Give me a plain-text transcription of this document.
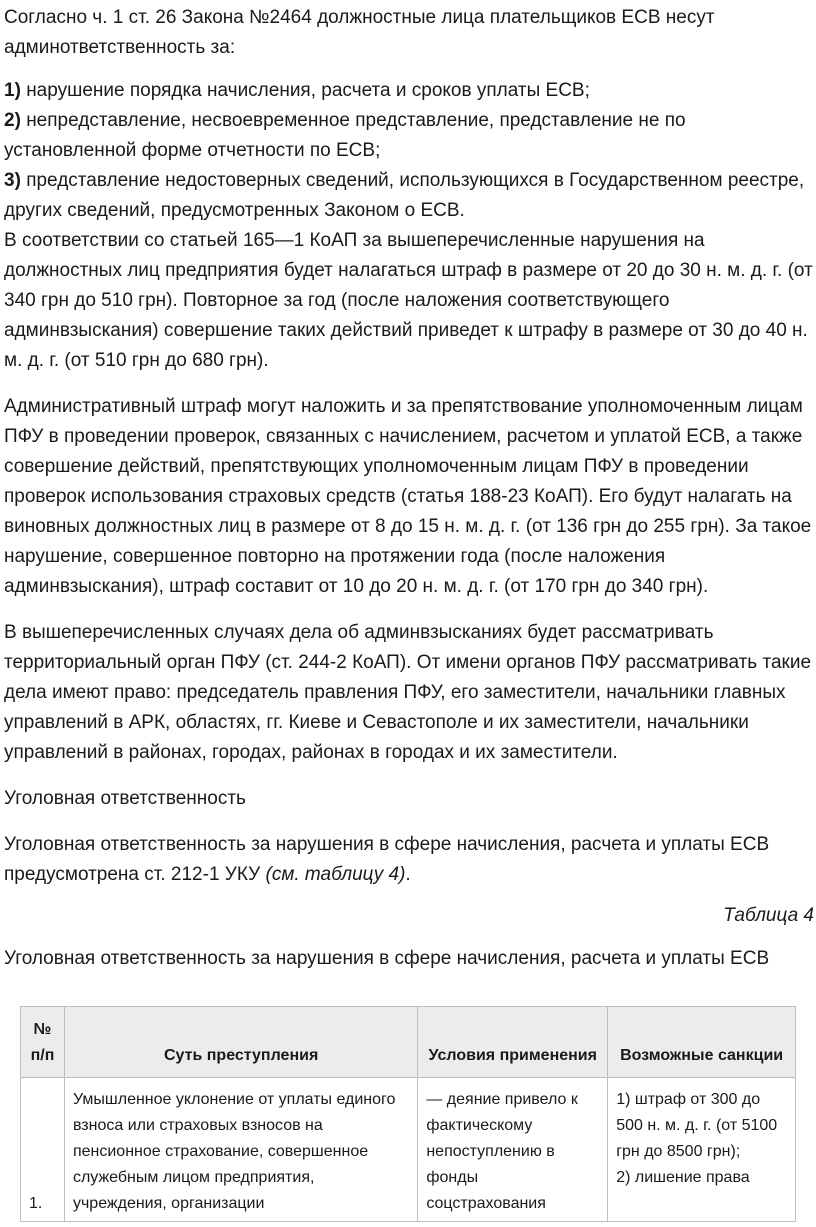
Согласно ч. 1 ст. 26 Закона №2464 должностные лица плательщиков ЕСВ несут админответственность за:

1) нарушение порядка начисления, расчета и сроков уплаты ЕСВ;

2) непредставление, несвоевременное представление, представление не по установленной форме отчетности по ЕСВ;

3) представление недостоверных сведений, использующихся в Государственном реестре, других сведений, предусмотренных Законом о ЕСВ.

В соответствии со статьей 165—1 КоАП за вышеперечисленные нарушения на должностных лиц предприятия будет налагаться штраф в размере от 20 до 30 н. м. д. г. (от 340 грн до 510 грн). Повторное за год (после наложения соответствующего админвзыскания) совершение таких действий приведет к штрафу в размере от 30 до 40 н. м. д. г. (от 510 грн до 680 грн).

Административный штраф могут наложить и за препятствование уполномоченным лицам ПФУ в проведении проверок, связанных с начислением, расчетом и уплатой ЕСВ, а также совершение действий, препятствующих уполномоченным лицам ПФУ в проведении проверок использования страховых средств (статья 188-23 КоАП). Его будут налагать на виновных должностных лиц в размере от 8 до 15 н. м. д. г. (от 136 грн до 255 грн). За такое нарушение, совершенное повторно на протяжении года (после наложения админвзыскания), штраф составит от 10 до 20 н. м. д. г. (от 170 грн до 340 грн).

В вышеперечисленных случаях дела об админвзысканиях будет рассматривать территориальный орган ПФУ (ст. 244-2 КоАП). От имени органов ПФУ рассматривать такие дела имеют право: председатель правления ПФУ, его заместители, начальники главных управлений в АРК, областях, гг. Киеве и Севастополе и их заместители, начальники управлений в районах, городах, районах в городах и их заместители.

Уголовная ответственность

Уголовная ответственность за нарушения в сфере начисления, расчета и уплаты ЕСВ предусмотрена ст. 212-1 УКУ (см. таблицу 4).

Таблица 4

Уголовная ответственность за нарушения в сфере начисления, расчета и уплаты ЕСВ

№ п/п	Суть преступления	Условия применения	Возможные санкции
1.	Умышленное уклонение от уплаты единого взноса или страховых взносов на пенсионное страхование, совершенное служебным лицом предприятия, учреждения, организации	— деяние привело к фактическому непоступлению в фонды соцстрахования	1) штраф от 300 до 500 н. м. д. г. (от 5100 грн до 8500 грн);
2) лишение права
